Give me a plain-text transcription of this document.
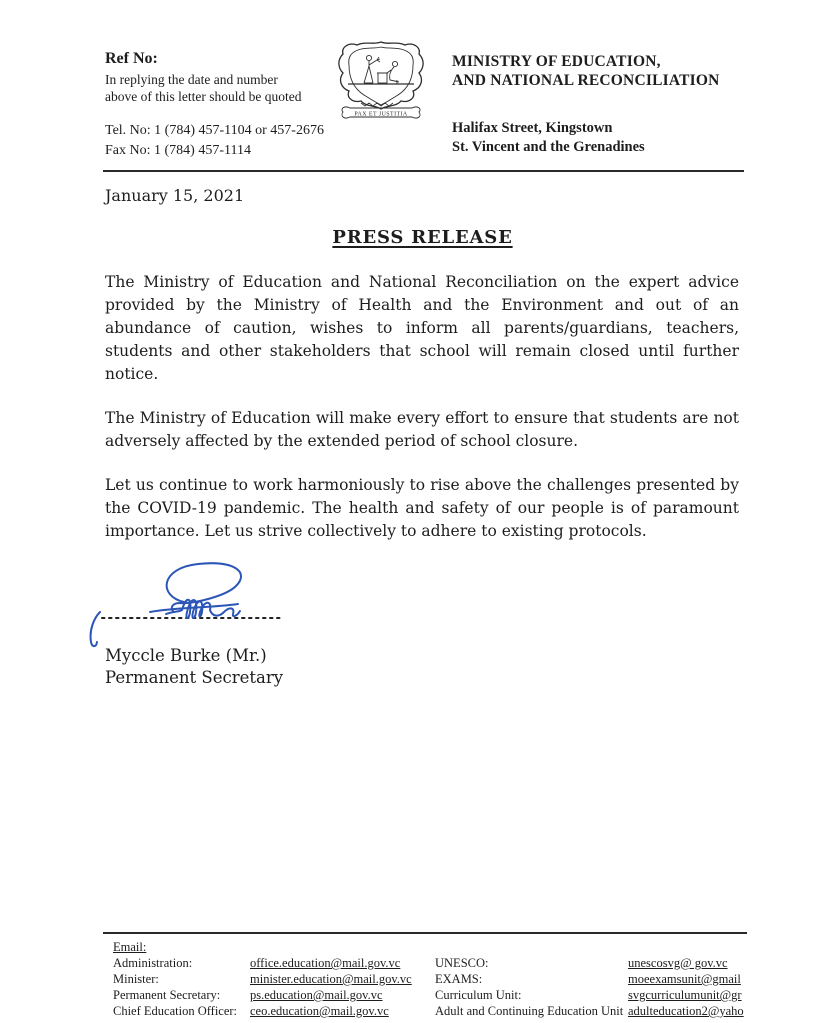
Ref No:
In replying the date and number
above of this letter should be quoted
Tel. No: 1 (784) 457-1104 or 457-2676
Fax No: 1 (784) 457-1114
PAX ET JUSTITIA
MINISTRY OF EDUCATION,
AND NATIONAL RECONCILIATION
Halifax Street, Kingstown
St. Vincent and the Grenadines
January 15, 2021
PRESS RELEASE

The Ministry of Education and National Reconciliation on the expert advice provided by the Ministry of Health and the Environment and out of an abundance of caution, wishes to inform all parents/guardians, teachers, students and other stakeholders that school will remain closed until further notice.

The Ministry of Education will make every effort to ensure that students are not adversely affected by the extended period of school closure.

Let us continue to work harmoniously to rise above the challenges presented by the COVID-19 pandemic. The health and safety of our people is of paramount importance. Let us strive collectively to adhere to existing protocols.

Myccle Burke (Mr.)
Permanent Secretary
Email:
Administration:	office.education@mail.gov.vc	UNESCO:	unescosvg@ gov.vc
Minister:	minister.education@mail.gov.vc EXAMS:	moeexamsunit@gmail
Permanent Secretary: ps.education@mail.gov.vc	Curriculum Unit:	svgcurriculumunit@gr
Chief Education Officer: ceo.education@mail.gov.vc	Adult and Continuing Education Unit adulteducation2@yaho
